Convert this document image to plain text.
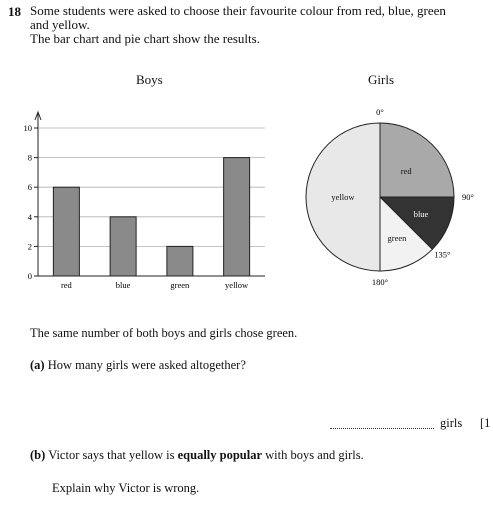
18 Some students were asked to choose their favourite colour from red, blue, green
and yellow.
The bar chart and pie chart show the results.
Boys	Girls
0
2
4
6
8
10
red	blue	green	yellow
red
blue
green
yellow
0°
90°
135°
180°
The same number of both boys and girls chose green.
(a) How many girls were asked altogether?
girls [1
(b) Victor says that yellow is equally popular with boys and girls.
Explain why Victor is wrong.
